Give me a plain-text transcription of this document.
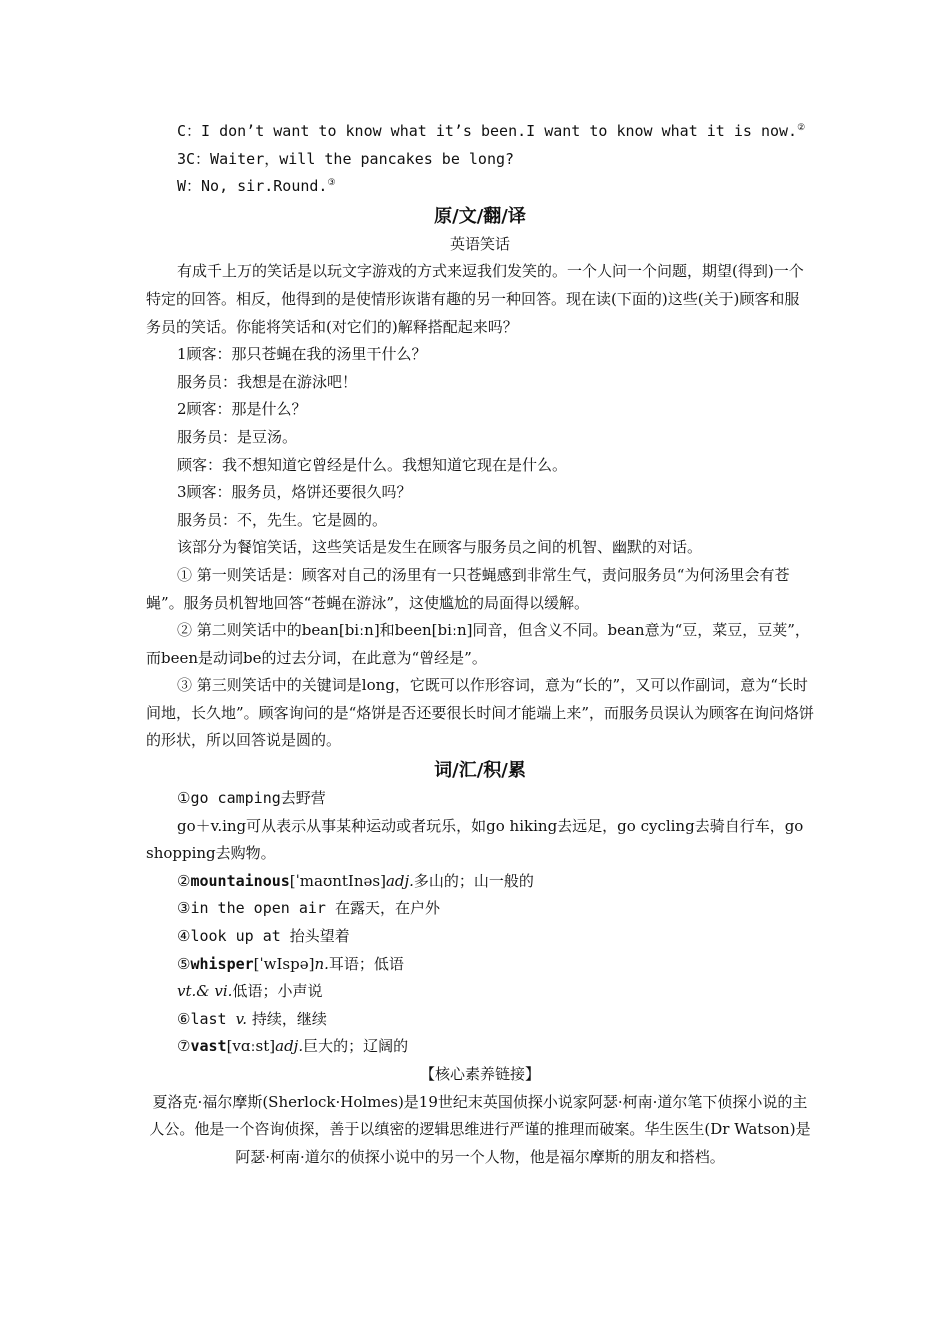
C：I don’t want to know what it’s been.I want to know what it is now.②

3C：Waiter，will the pancakes be long?

W：No, sir.Round.③

原/文/翻/译
英语笑话

有成千上万的笑话是以玩文字游戏的方式来逗我们发笑的。一个人问一个问题，期望(得到)一个特定的回答。相反，他得到的是使情形诙谐有趣的另一种回答。现在读(下面的)这些(关于)顾客和服务员的笑话。你能将笑话和(对它们的)解释搭配起来吗？

1顾客：那只苍蝇在我的汤里干什么？

服务员：我想是在游泳吧！

2顾客：那是什么？

服务员：是豆汤。

顾客：我不想知道它曾经是什么。我想知道它现在是什么。

3顾客：服务员，烙饼还要很久吗？

服务员：不，先生。它是圆的。

该部分为餐馆笑话，这些笑话是发生在顾客与服务员之间的机智、幽默的对话。

① 第一则笑话是：顾客对自己的汤里有一只苍蝇感到非常生气，责问服务员“为何汤里会有苍蝇”。服务员机智地回答“苍蝇在游泳”，这使尴尬的局面得以缓解。

② 第二则笑话中的bean[biːn]和been[biːn]同音，但含义不同。bean意为“豆，菜豆，豆荚”，而been是动词be的过去分词，在此意为“曾经是”。

③ 第三则笑话中的关键词是long，它既可以作形容词，意为“长的”，又可以作副词，意为“长时间地，长久地”。顾客询问的是“烙饼是否还要很长时间才能端上来”，而服务员误认为顾客在询问烙饼的形状，所以回答说是圆的。

词/汇/积/累

①go camping去野营

go＋v.ing可从表示从事某种运动或者玩乐，如go hiking去远足，go cycling去骑自行车，go shopping去购物。

②mountainous[ˈmaʊntInəs]adj.多山的；山一般的

③in the open air 在露天，在户外

④look up at 抬头望着

⑤whisper[ˈwIspə]n.耳语；低语

vt.& vi.低语；小声说

⑥last v. 持续，继续

⑦vast[vɑːst]adj.巨大的；辽阔的

【核心素养链接】

夏洛克·福尔摩斯(Sherlock·Holmes)是19世纪末英国侦探小说家阿瑟·柯南·道尔笔下侦探小说的主人公。他是一个咨询侦探，善于以缜密的逻辑思维进行严谨的推理而破案。华生医生(Dr Watson)是阿瑟·柯南·道尔的侦探小说中的另一个人物，他是福尔摩斯的朋友和搭档。
